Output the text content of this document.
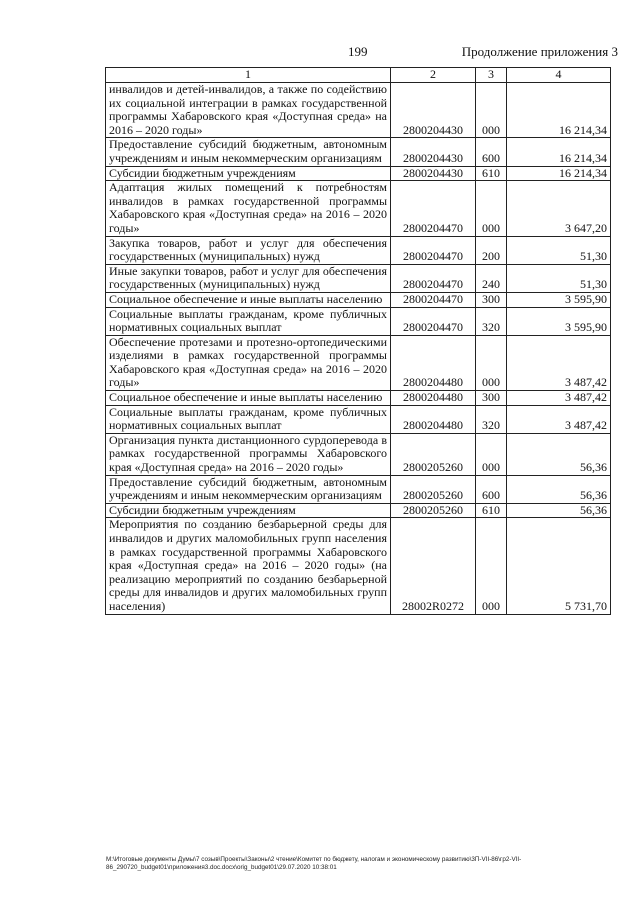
199	Продолжение приложения 3
1	2	3	4
инвалидов и детей-инвалидов, а также по содействию их социальной интеграции в рамках государственной программы Хабаровского края «Доступная среда» на 2016 – 2020 годы»	2800204430	000	16 214,34
Предоставление субсидий бюджетным, автономным учреждениям и иным некоммерческим организациям	2800204430	600	16 214,34
Субсидии бюджетным учреждениям	2800204430	610	16 214,34
Адаптация жилых помещений к потребностям инвалидов в рамках государственной программы Хабаровского края «Доступная среда» на 2016 – 2020 годы»	2800204470	000	3 647,20
Закупка товаров, работ и услуг для обеспечения государственных (муниципальных) нужд	2800204470	200	51,30
Иные закупки товаров, работ и услуг для обеспечения государственных (муниципальных) нужд	2800204470	240	51,30
Социальное обеспечение и иные выплаты населению	2800204470	300	3 595,90
Социальные выплаты гражданам, кроме публичных нормативных социальных выплат	2800204470	320	3 595,90
Обеспечение протезами и протезно-ортопедическими изделиями в рамках государственной программы Хабаровского края «Доступная среда» на 2016 – 2020 годы»	2800204480	000	3 487,42
Социальное обеспечение и иные выплаты населению	2800204480	300	3 487,42
Социальные выплаты гражданам, кроме публичных нормативных социальных выплат	2800204480	320	3 487,42
Организация пункта дистанционного сурдоперевода в рамках государственной программы Хабаровского края «Доступная среда» на 2016 – 2020 годы»	2800205260	000	56,36
Предоставление субсидий бюджетным, автономным учреждениям и иным некоммерческим организациям	2800205260	600	56,36
Субсидии бюджетным учреждениям	2800205260	610	56,36
Мероприятия по созданию безбарьерной среды для инвалидов и других маломобильных групп населения в рамках государственной программы Хабаровского края «Доступная среда» на 2016 – 2020 годы» (на реализацию мероприятий по созданию безбарьерной среды для инвалидов и других маломобильных групп населения)	28002R0272	000	5 731,70
M:\Итоговые документы Думы\7 созыв\Проекты\Законы\2 чтение\Комитет по бюджету, налогам и экономическому развитию\3П-VII-86\гр2-VII-86_290720_budget01\приложения3.doc.docx\orig_budget01\29.07.2020 10:38:01
